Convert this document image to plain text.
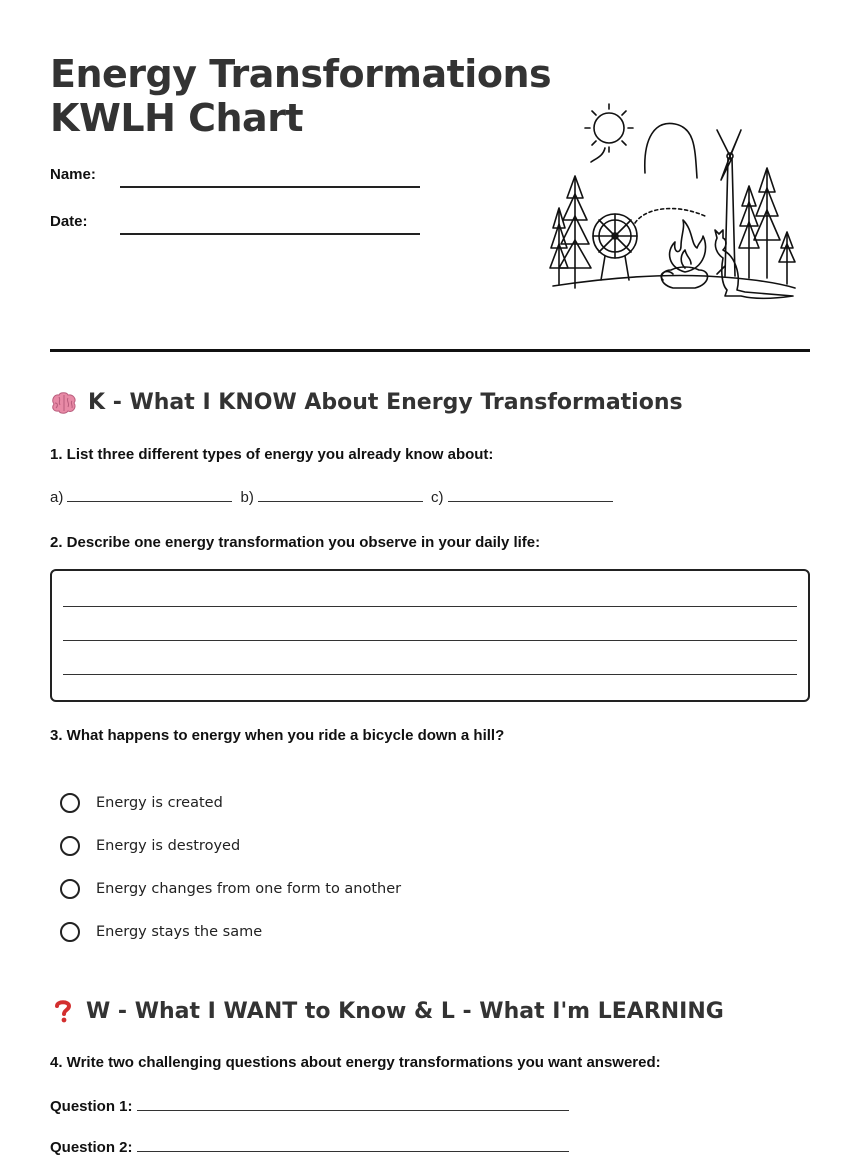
Energy Transformations
KWLH Chart
Name:
Date:
K - What I KNOW About Energy Transformations
1. List three different types of energy you already know about:
a)	b)	c)
2. Describe one energy transformation you observe in your daily life:
3. What happens to energy when you ride a bicycle down a hill?
Energy is created
Energy is destroyed
Energy changes from one form to another
Energy stays the same
W - What I WANT to Know & L - What I'm LEARNING
4. Write two challenging questions about energy transformations you want answered:
Question 1:
Question 2:
